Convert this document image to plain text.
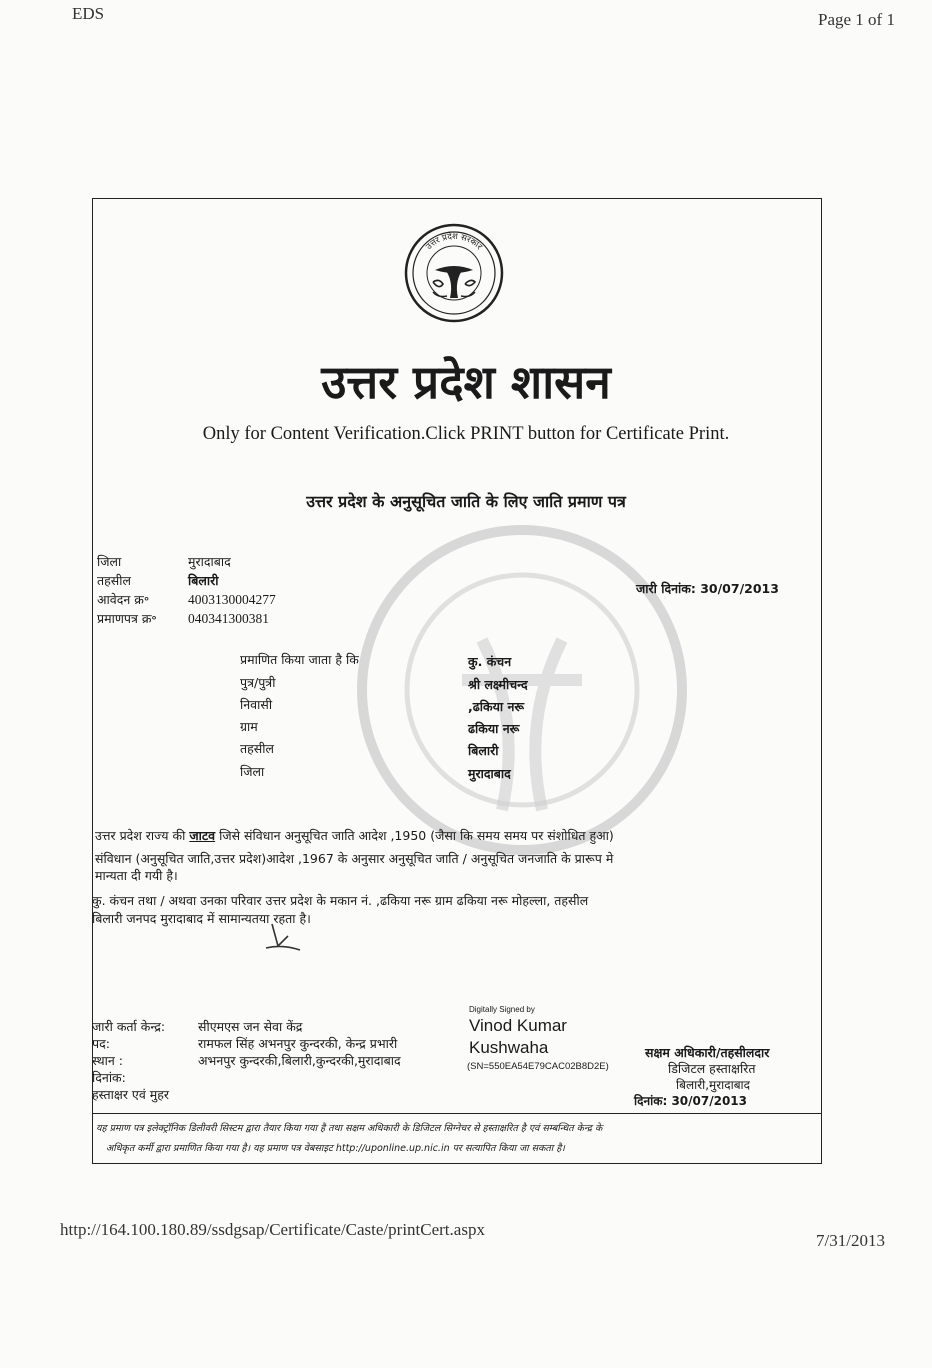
EDS	Page 1 of 1
उत्तर प्रदेश सरकार
उत्तर प्रदेश शासन
Only for Content Verification.Click PRINT button for Certificate Print.
उत्तर प्रदेश के अनुसूचित जाति के लिए जाति प्रमाण पत्र
जिला	मुरादाबाद
तहसील	बिलारी
आवेदन क्र॰	4003130004277
प्रमाणपत्र क्र॰ 040341300381
जारी दिनांक: 30/07/2013
प्रमाणित किया जाता है कि	कु. कंचन
पुत्र/पुत्री	श्री लक्ष्मीचन्द
निवासी	,ढकिया नरू
ग्राम	ढकिया नरू
तहसील	बिलारी
जिला	मुरादाबाद
उत्तर प्रदेश राज्य की जाटव जिसे संविधान अनुसूचित जाति आदेश ,1950 (जैसा कि समय समय पर संशोधित हुआ)
संविधान (अनुसूचित जाति,उत्तर प्रदेश)आदेश ,1967 के अनुसार अनुसूचित जाति / अनुसूचित जनजाति के प्रारूप मे
मान्यता दी गयी है।
कु. कंचन तथा / अथवा उनका परिवार उत्तर प्रदेश के मकान नं. ,ढकिया नरू ग्राम ढकिया नरू मोहल्ला, तहसील
बिलारी जनपद मुरादाबाद में सामान्यतया रहता है।
जारी कर्ता केन्द्र:	सीएमएस जन सेवा केंद्र
पद:	रामफल सिंह अभनपुर कुन्दरकी, केन्द्र प्रभारी
स्थान :	अभनपुर कुन्दरकी,बिलारी,कुन्दरकी,मुरादाबाद
दिनांक:
हस्ताक्षर एवं मुहर
Digitally Signed by
Vinod Kumar
Kushwaha
(SN=550EA54E79CAC02B8D2E)
सक्षम अधिकारी/तहसीलदार
डिजिटल हस्ताक्षरित
बिलारी,मुरादाबाद
दिनांक: 30/07/2013
यह प्रमाण पत्र इलेक्ट्रॉनिक डिलीवरी सिस्टम द्वारा तैयार किया गया है तथा सक्षम अधिकारी के डिजिटल सिग्नेचर से हस्ताक्षरित है एवं सम्बन्धित केन्द्र के
अधिकृत कर्मी द्वारा प्रमाणित किया गया है। यह प्रमाण पत्र वेबसाइट http://uponline.up.nic.in पर सत्यापित किया जा सकता है।
http://164.100.180.89/ssdgsap/Certificate/Caste/printCert.aspx
7/31/2013
